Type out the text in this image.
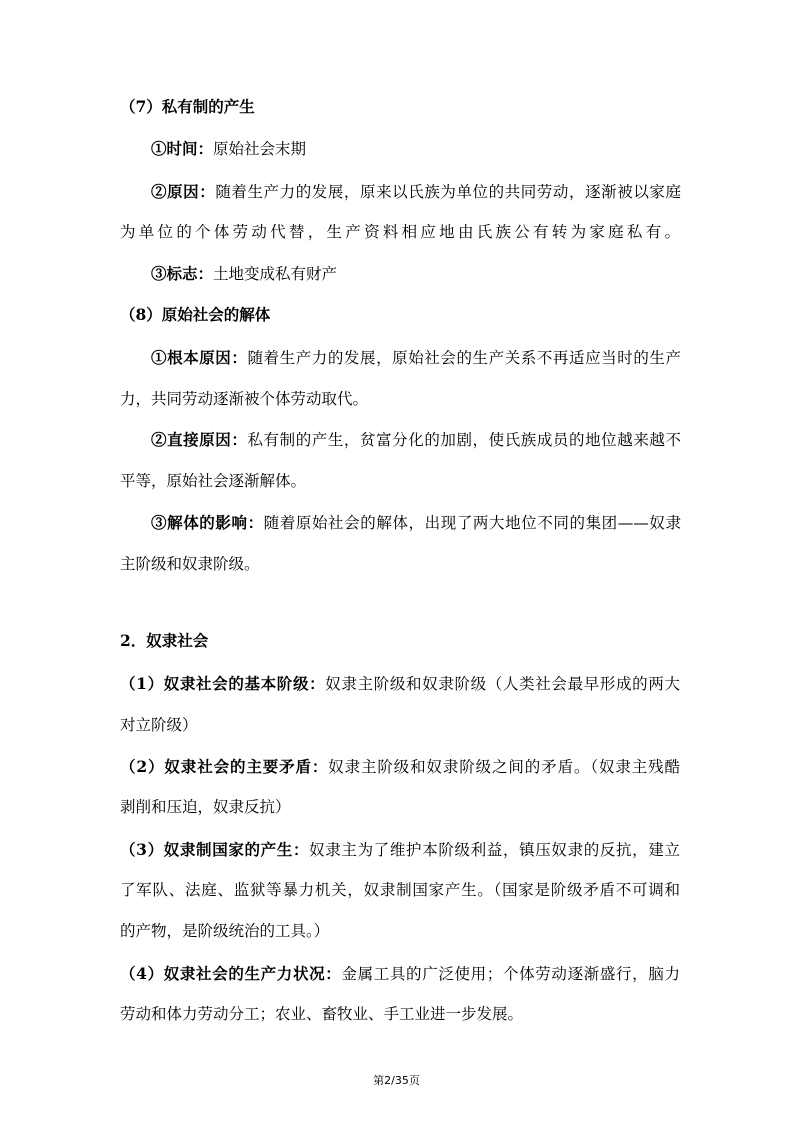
（7）私有制的产生
①时间：原始社会末期
②原因：随着生产力的发展，原来以氏族为单位的共同劳动，逐渐被以家庭
为单位的个体劳动代替，生产资料相应地由氏族公有转为家庭私有。
③标志：土地变成私有财产
（8）原始社会的解体
①根本原因：随着生产力的发展，原始社会的生产关系不再适应当时的生产
力，共同劳动逐渐被个体劳动取代。
②直接原因：私有制的产生，贫富分化的加剧，使氏族成员的地位越来越不
平等，原始社会逐渐解体。
③解体的影响：随着原始社会的解体，出现了两大地位不同的集团——奴隶
主阶级和奴隶阶级。
2．奴隶社会
（1）奴隶社会的基本阶级：奴隶主阶级和奴隶阶级（人类社会最早形成的两大
对立阶级）
（2）奴隶社会的主要矛盾：奴隶主阶级和奴隶阶级之间的矛盾。（奴隶主残酷
剥削和压迫，奴隶反抗）
（3）奴隶制国家的产生：奴隶主为了维护本阶级利益，镇压奴隶的反抗，建立
了军队、法庭、监狱等暴力机关，奴隶制国家产生。（国家是阶级矛盾不可调和
的产物，是阶级统治的工具。）
（4）奴隶社会的生产力状况：金属工具的广泛使用；个体劳动逐渐盛行，脑力
劳动和体力劳动分工；农业、畜牧业、手工业进一步发展。
第2/35页
